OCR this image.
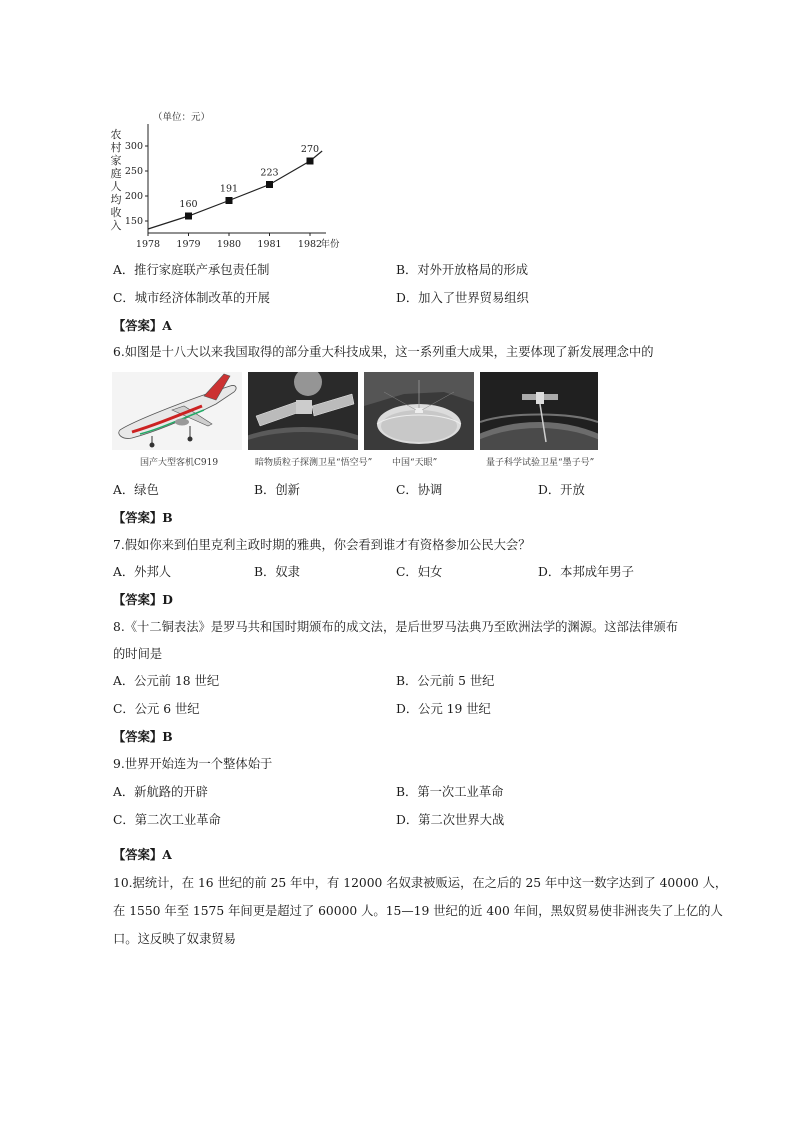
150
200
250
300
1978 1979 1980 1981 1982
年份
（单位：元）
农
村
家
庭
人
均
收
入
160
191
223
270
A．推行家庭联产承包责任制	B．对外开放格局的形成
C．城市经济体制改革的开展	D．加入了世界贸易组织
【答案】A
6.如图是十八大以来我国取得的部分重大科技成果，这一系列重大成果，主要体现了新发展理念中的
国产大型客机C919	暗物质粒子探测卫星“悟空号” 中国“天眼”	量子科学试验卫星“墨子号”
A．绿色	B．创新	C．协调	D．开放
【答案】B
7.假如你来到伯里克利主政时期的雅典，你会看到谁才有资格参加公民大会？
A．外邦人	B．奴隶	C．妇女	D．本邦成年男子
【答案】D
8.《十二铜表法》是罗马共和国时期颁布的成文法，是后世罗马法典乃至欧洲法学的渊源。这部法律颁布
的时间是
A．公元前 18 世纪	B．公元前 5 世纪
C．公元 6 世纪	D．公元 19 世纪
【答案】B
9.世界开始连为一个整体始于
A．新航路的开辟	B．第一次工业革命
C．第二次工业革命	D．第二次世界大战
【答案】A
10.据统计，在 16 世纪的前 25 年中，有 12000 名奴隶被贩运，在之后的 25 年中这一数字达到了 40000 人，
在 1550 年至 1575 年间更是超过了 60000 人。15—19 世纪的近 400 年间，黑奴贸易使非洲丧失了上亿的人
口。这反映了奴隶贸易
